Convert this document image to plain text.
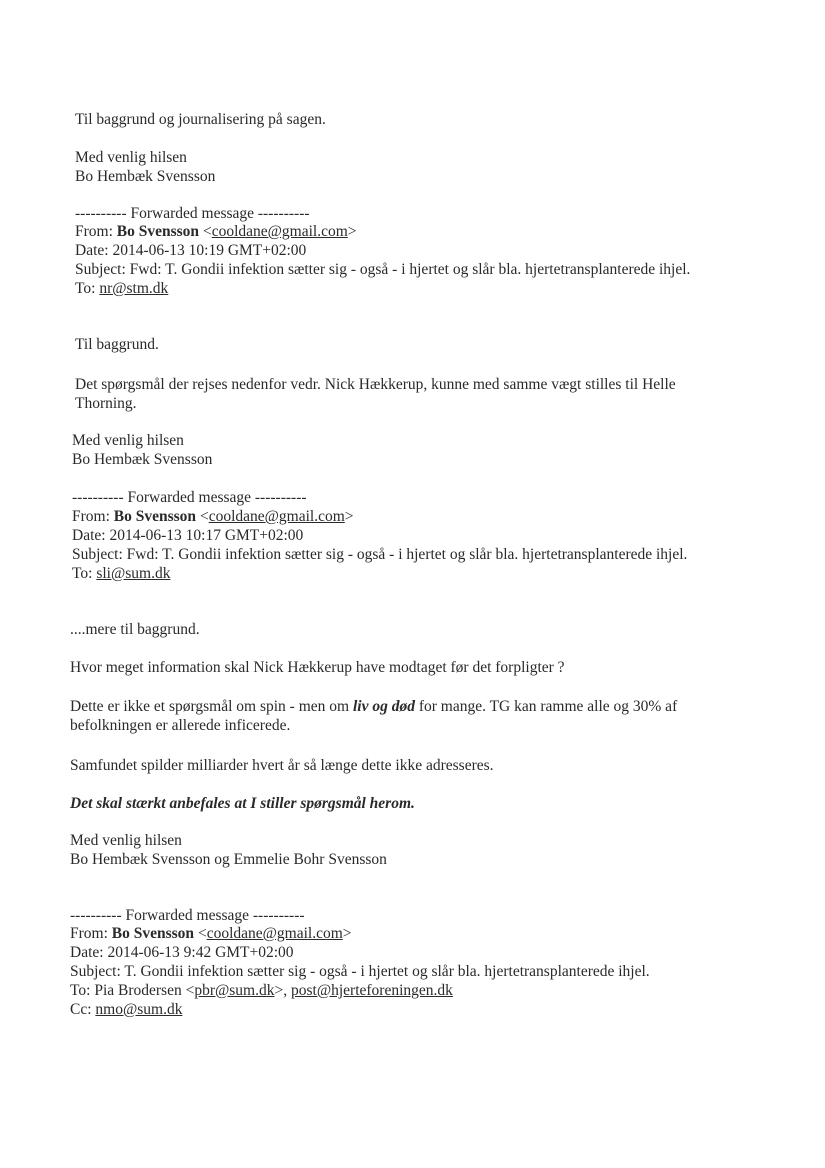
Til baggrund og journalisering på sagen.
Med venlig hilsen
Bo Hembæk Svensson
---------- Forwarded message ----------
From: Bo Svensson <cooldane@gmail.com>
Date: 2014-06-13 10:19 GMT+02:00
Subject: Fwd: T. Gondii infektion sætter sig - også - i hjertet og slår bla. hjertetransplanterede ihjel.
To: nr@stm.dk
Til baggrund.
Det spørgsmål der rejses nedenfor vedr. Nick Hækkerup, kunne med samme vægt stilles til Helle
Thorning.
Med venlig hilsen
Bo Hembæk Svensson
---------- Forwarded message ----------
From: Bo Svensson <cooldane@gmail.com>
Date: 2014-06-13 10:17 GMT+02:00
Subject: Fwd: T. Gondii infektion sætter sig - også - i hjertet og slår bla. hjertetransplanterede ihjel.
To: sli@sum.dk
....mere til baggrund.
Hvor meget information skal Nick Hækkerup have modtaget før det forpligter ?
Dette er ikke et spørgsmål om spin - men om liv og død for mange. TG kan ramme alle og 30% af
befolkningen er allerede inficerede.
Samfundet spilder milliarder hvert år så længe dette ikke adresseres.
Det skal stærkt anbefales at I stiller spørgsmål herom.
Med venlig hilsen
Bo Hembæk Svensson og Emmelie Bohr Svensson
---------- Forwarded message ----------
From: Bo Svensson <cooldane@gmail.com>
Date: 2014-06-13 9:42 GMT+02:00
Subject: T. Gondii infektion sætter sig - også - i hjertet og slår bla. hjertetransplanterede ihjel.
To: Pia Brodersen <pbr@sum.dk>, post@hjerteforeningen.dk
Cc: nmo@sum.dk
